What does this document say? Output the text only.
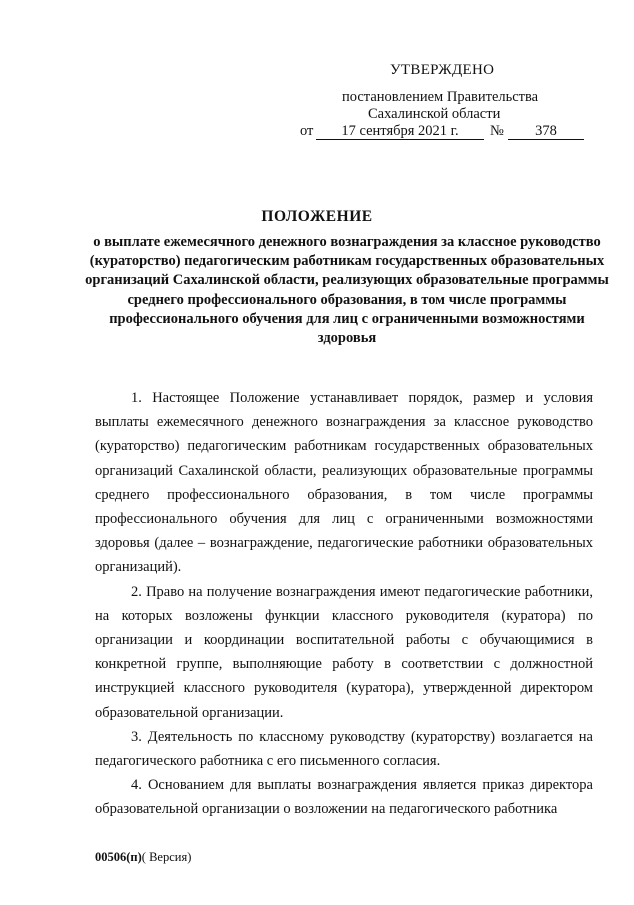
УТВЕРЖДЕНО
постановлением Правительства
Сахалинской области
от	17 сентября 2021 г.	№	378
ПОЛОЖЕНИЕ
о выплате ежемесячного денежного вознаграждения за классное руководство (кураторство) педагогическим работникам государственных образовательных организаций Сахалинской области, реализующих образовательные программы среднего профессионального образования, в том числе программы профессионального обучения для лиц с ограниченными возможностями здоровья

1. Настоящее Положение устанавливает порядок, размер и условия выплаты ежемесячного денежного вознаграждения за классное руководство (кураторство) педагогическим работникам государственных образовательных организаций Сахалинской области, реализующих образовательные программы среднего профессионального образования, в том числе программы профессионального обучения для лиц с ограниченными возможностями здоровья (далее – вознаграждение, педагогические работники образовательных организаций).

2. Право на получение вознаграждения имеют педагогические работники, на которых возложены функции классного руководителя (куратора) по организации и координации воспитательной работы с обучающимися в конкретной группе, выполняющие работу в соответствии с должностной инструкцией классного руководителя (куратора), утвержденной директором образовательной организации.

3. Деятельность по классному руководству (кураторству) возлагается на педагогического работника с его письменного согласия.

4. Основанием для выплаты вознаграждения является приказ директора образовательной организации о возложении на педагогического работника

00506(п)( Версия)
